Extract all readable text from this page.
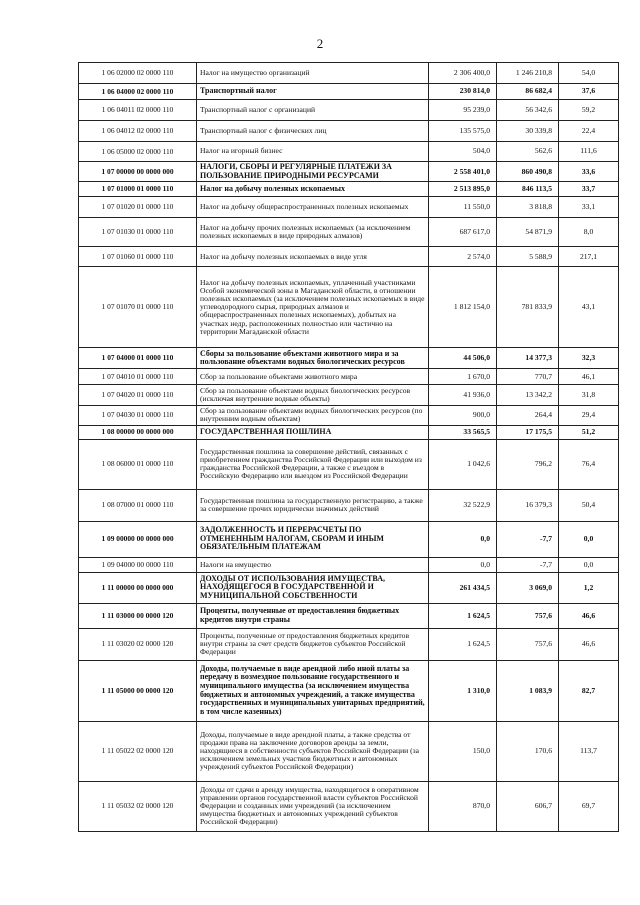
2
1 06 02000 02 0000 110	Налог на имущество организаций	2 306 400,0	1 246 210,8	54,0
1 06 04000 02 0000 110	Транспортный налог	230 814,0	86 682,4	37,6
1 06 04011 02 0000 110	Транспортный налог с организаций	95 239,0	56 342,6	59,2
1 06 04012 02 0000 110	Транспортный налог с физических лиц	135 575,0	30 339,8	22,4
1 06 05000 02 0000 110	Налог на игорный бизнес	504,0	562,6	111,6
1 07 00000 00 0000 000	НАЛОГИ, СБОРЫ И РЕГУЛЯРНЫЕ ПЛАТЕЖИ ЗА ПОЛЬЗОВАНИЕ ПРИРОДНЫМИ РЕСУРСАМИ	2 558 401,0	860 490,8	33,6
1 07 01000 01 0000 110	Налог на добычу полезных ископаемых	2 513 895,0	846 113,5	33,7
1 07 01020 01 0000 110	Налог на добычу общераспространенных полезных ископаемых	11 550,0	3 818,8	33,1
1 07 01030 01 0000 110	Налог на добычу прочих полезных ископаемых (за исключением полезных ископаемых в виде природных алмазов)	687 617,0	54 871,9	8,0
1 07 01060 01 0000 110	Налог на добычу полезных ископаемых в виде угля	2 574,0	5 588,9	217,1
1 07 01070 01 0000 110	Налог на добычу полезных ископаемых, уплаченный участниками Особой экономической зоны в Магаданской области, в отношении полезных ископаемых (за исключением полезных ископаемых в виде углеводородного сырья, природных алмазов и общераспространенных полезных ископаемых), добытых на участках недр, расположенных полностью или частично на территории Магаданской области	1 812 154,0	781 833,9	43,1
1 07 04000 01 0000 110	Сборы за пользование объектами животного мира и за пользование объектами водных биологических ресурсов	44 506,0	14 377,3	32,3
1 07 04010 01 0000 110	Сбор за пользование объектами животного мира	1 670,0	770,7	46,1
1 07 04020 01 0000 110	Сбор за пользование объектами водных биологических ресурсов (исключая внутренние водные объекты)	41 936,0	13 342,2	31,8
1 07 04030 01 0000 110	Сбор за пользование объектами водных биологических ресурсов (по внутренним водным объектам)	900,0	264,4	29,4
1 08 00000 00 0000 000	ГОСУДАРСТВЕННАЯ ПОШЛИНА	33 565,5	17 175,5	51,2
1 08 06000 01 0000 110	Государственная пошлина за совершение действий, связанных с приобретением гражданства Российской Федерации или выходом из гражданства Российской Федерации, а также с въездом в Российскую Федерацию или выездом из Российской Федерации	1 042,6	796,2	76,4
1 08 07000 01 0000 110	Государственная пошлина за государственную регистрацию, а также за совершение прочих юридически значимых действий	32 522,9	16 379,3	50,4
1 09 00000 00 0000 000	ЗАДОЛЖЕННОСТЬ И ПЕРЕРАСЧЕТЫ ПО ОТМЕНЕННЫМ НАЛОГАМ, СБОРАМ И ИНЫМ ОБЯЗАТЕЛЬНЫМ ПЛАТЕЖАМ	0,0	-7,7	0,0
1 09 04000 00 0000 110	Налоги на имущество	0,0	-7,7	0,0
1 11 00000 00 0000 000	ДОХОДЫ ОТ ИСПОЛЬЗОВАНИЯ ИМУЩЕСТВА, НАХОДЯЩЕГОСЯ В ГОСУДАРСТВЕННОЙ И МУНИЦИПАЛЬНОЙ СОБСТВЕННОСТИ	261 434,5	3 069,0	1,2
1 11 03000 00 0000 120	Проценты, полученные от предоставления бюджетных кредитов внутри страны	1 624,5	757,6	46,6
1 11 03020 02 0000 120	Проценты, полученные от предоставления бюджетных кредитов внутри страны за счет средств бюджетов субъектов Российской Федерации	1 624,5	757,6	46,6
1 11 05000 00 0000 120	Доходы, получаемые в виде арендной либо иной платы за передачу в возмездное пользование государственного и муниципального имущества (за исключением имущества бюджетных и автономных учреждений, а также имущества государственных и муниципальных унитарных предприятий, в том числе казенных)	1 310,0	1 083,9	82,7
1 11 05022 02 0000 120	Доходы, получаемые в виде арендной платы, а также средства от продажи права на заключение договоров аренды за земли, находящиеся в собственности субъектов Российской Федерации (за исключением земельных участков бюджетных и автономных учреждений субъектов Российской Федерации)	150,0	170,6	113,7
1 11 05032 02 0000 120	Доходы от сдачи в аренду имущества, находящегося в оперативном управлении органов государственной власти субъектов Российской Федерации и созданных ими учреждений (за исключением имущества бюджетных и автономных учреждений субъектов Российской Федерации)	870,0	606,7	69,7
